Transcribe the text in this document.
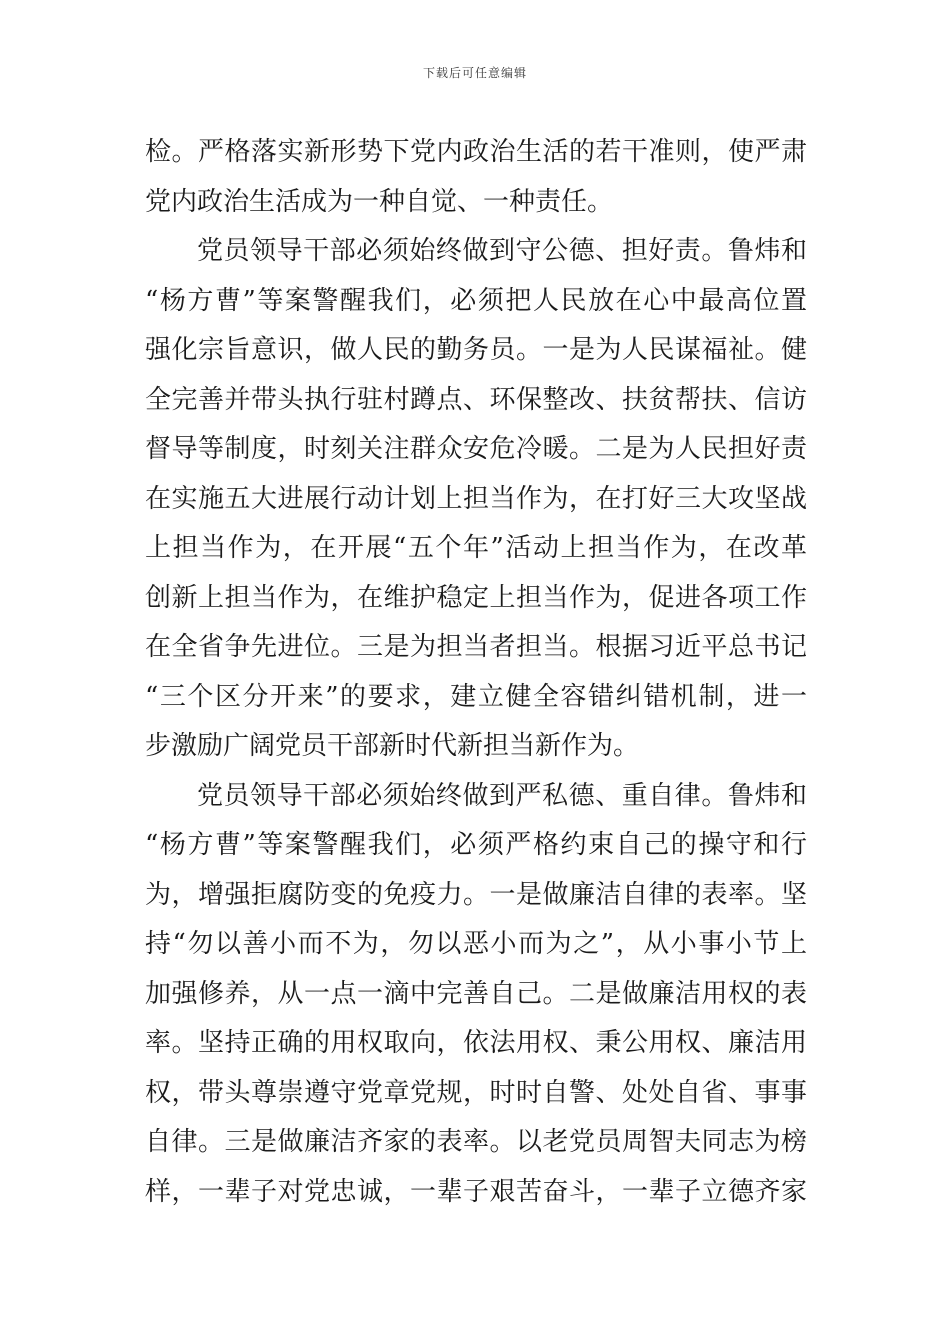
下载后可任意编辑
检。严格落实新形势下党内政治生活的若干准则，使严肃
党内政治生活成为一种自觉、一种责任。
党员领导干部必须始终做到守公德、担好责。鲁炜和
“杨方曹”等案警醒我们，必须把人民放在心中最高位置
强化宗旨意识，做人民的勤务员。一是为人民谋福祉。健
全完善并带头执行驻村蹲点、环保整改、扶贫帮扶、信访
督导等制度，时刻关注群众安危冷暖。二是为人民担好责
在实施五大进展行动计划上担当作为，在打好三大攻坚战
上担当作为，在开展“五个年”活动上担当作为，在改革
创新上担当作为，在维护稳定上担当作为，促进各项工作
在全省争先进位。三是为担当者担当。根据习近平总书记
“三个区分开来”的要求，建立健全容错纠错机制，进一
步激励广阔党员干部新时代新担当新作为。
党员领导干部必须始终做到严私德、重自律。鲁炜和
“杨方曹”等案警醒我们，必须严格约束自己的操守和行
为，增强拒腐防变的免疫力。一是做廉洁自律的表率。坚
持“勿以善小而不为，勿以恶小而为之”，从小事小节上
加强修养，从一点一滴中完善自己。二是做廉洁用权的表
率。坚持正确的用权取向，依法用权、秉公用权、廉洁用
权，带头尊崇遵守党章党规，时时自警、处处自省、事事
自律。三是做廉洁齐家的表率。以老党员周智夫同志为榜
样，一辈子对党忠诚，一辈子艰苦奋斗，一辈子立德齐家
